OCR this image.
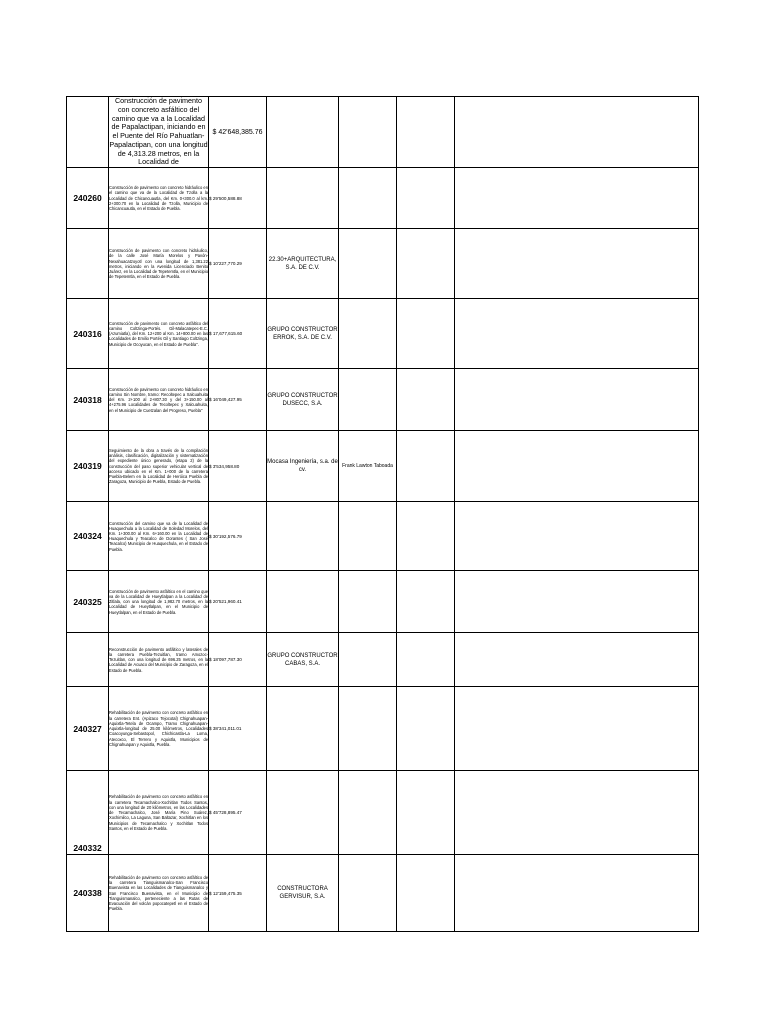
	Construcción de pavimento con concreto asfáltico del camino que va a la Localidad de Papalactipan, iniciando en el Puente del Río Pahuatlan-Papalactipan, con una longitud de 4,313.28 metros, en la Localidad de	$ 42'648,385.76				
240260	Construcción de pavimento con concreto hidráulico en el camino que va de la Localidad de Tzolla a la Localidad de Chicancuautla, del Km. 0+300.0 al km. 2+300.70 en la Localidad de Tzolla, Municipio de Chicancuautla, en el Estado de Puebla.	$ 29'500,588.88				
	Construcción de pavimento con concreto hidráulico, de la calle José María Morelos y Pavón-Nexahuacatzoyotl con una longitud de 1,381.22 metros, iniciando en la Avenida Licenciado Benito Juárez, en la Localidad de Tepetemtla, en el Municipio de Tepetemtla, en el Estado de Puebla.	$ 10'227,770.29	22.30+ARQUITECTURA, S.A. DE C.V.			
240316	Construcción de pavimento con concreto asfáltico del camino Coltzinga-Portés. Gil-Malacatepec-E.C. (Azumiatla), del Km. 12+200 al Km. 14+800.00 en las Localidades de Emilio Portés Gil y Santiago Coltzinga, Municipio de Ocoyucan, en el Estado de Puebla".	$ 17,677,615.60	GRUPO CONSTRUCTOR ERROK, S.A. DE C.V.			
240318	Construcción de pavimento con concreto hidráulico en camino Sin Nombre, tramo: Recoltepec a Xalcuahuita del Km. 2+100 al 2+807.30 y del 3+150.00 al 4+275.96 Localidades de Tecoltepec y Xalcuahuita, en el Municipio de Cuetzalan del Progreso, Puebla"	$ 16'049,427.95	GRUPO CONSTRUCTOR DUSECC, S.A.			
240319	Seguimiento de la obra a través de la compilación análisis, clasificación, digitalización y sistematización del expediente único generado, (etapa 2) de la construcción del paso superior vehicular vertical de acceso ubicado en el Km. 1+000 de la carretera Puebla-Belem en la Localidad de Heróica Puebla de Zaragoza, Municipio de Puebla, Estado de Puebla.	$ 3'534,958.80	Mocasa Ingeniería, s.a. de cv.	Frank Lawton Taboada		
240324	Construcción del camino que va de la Localidad de Huaquechula a la Localidad de Soledad Morelos, del Km. 1+300.00 al Km. 6+160.00 en la Localidad de Huaquechula y Teacalco de Dorantes ( San José Teacalco) Municipio de Huaquechula, en el Estado de Puebla.	$ 30'192,576.79				
240325	Construcción de pavimento asfáltico en el camino que va de la Localidad de Hueytlalpan a la Localidad de Zitlala, con una longitud de 1,982.70 metros, en la Localidad de Hueytlalpan, en el Municipio de Hueytlalpan, en el Estado de Puebla.	$ 20'521,960.41				
	Reconstrucción de pavimento asfáltico y laterales de la carretera Puebla-Tezuitlan, tramo Amozoc-Tezuitlan, con una longitud de 696.25 metros, en la Localidad de Acuaco del Municipio de Zaragoza, en el Estado de Puebla.	$ 18'097,787.30	GRUPO CONSTRUCTOR CABAS, S.A.			
240327	Rehabilitación de pavimento con concreto asfáltico en la carretera Ent. (Apizaco Tejocotal) Chignahuapan-Aquixtla-Tetela de Ocampo, Tramo Chignahuapan-Aquixtla-longitud de 25.00 kilómetros, Localidades Coacoyunga-Sebastopol, Chichicastla-La Loma, Atecoxco, El Terrero y Aquixtla, Municipios de Chignahuapan y Aquixtla, Puebla.	$ 38'341,011.01				
240332	Rehabilitación de pavimento con concreto asfáltico en la carretera Tecamachalco-Xochitlan Todos Santos, con una longitud de 20 kilómetros, en las Localidades de Tecamachalco, José María Pino Suárez, Xochimilco, La Laguna, San Baltazar, Xochitlan en los Municipios de Tecamachalco y Xochitlan Todos Santos, en el Estado de Puebla.	$ 45'728,895.47				
240338	Rehabilitación de pavimento con concreto asfáltico de la carretera Tianguismanalco-San Francisco Buenavista en las Localidades de Tianguismanalco y San Francisco Buenavista, en el Municipio de Tianguismanalco, perteneciente a las Rutas de Evacuación del volcán popocatepetl en el Estado de Puebla.	$ 12'159,475.35	CONSTRUCTORA GERVISUR, S.A.			
